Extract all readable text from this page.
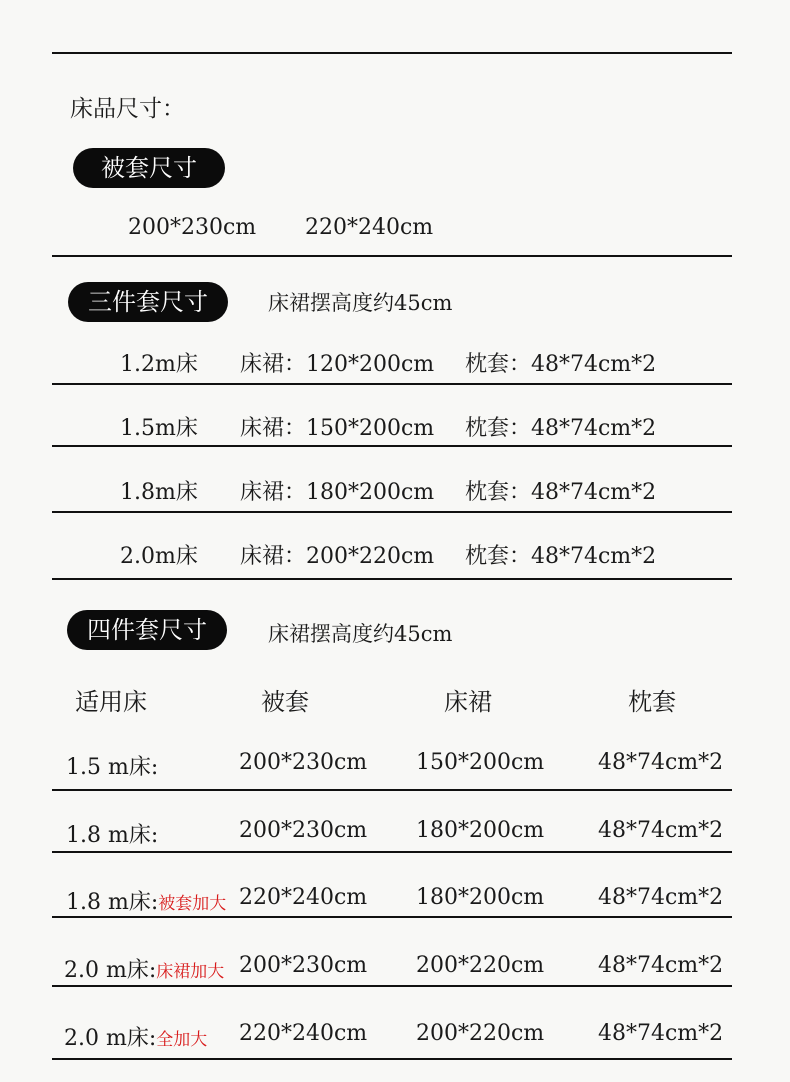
床品尺寸：
被套尺寸
200*230cm 220*240cm
三件套尺寸	床裙摆高度约45cm
1.2m床 床裙：120*200cm 枕套：48*74cm*2
1.5m床 床裙：150*200cm 枕套：48*74cm*2
1.8m床 床裙：180*200cm 枕套：48*74cm*2
2.0m床 床裙：200*220cm 枕套：48*74cm*2
四件套尺寸	床裙摆高度约45cm
适用床	被套	床裙	枕套
1.5 m床:	200*230cm 150*200cm 48*74cm*2
1.8 m床:	200*230cm 180*200cm 48*74cm*2
1.8 m床:被套加大 220*240cm 180*200cm 48*74cm*2
2.0 m床:床裙加大 200*230cm 200*220cm 48*74cm*2
2.0 m床:全加大 220*240cm 200*220cm 48*74cm*2
